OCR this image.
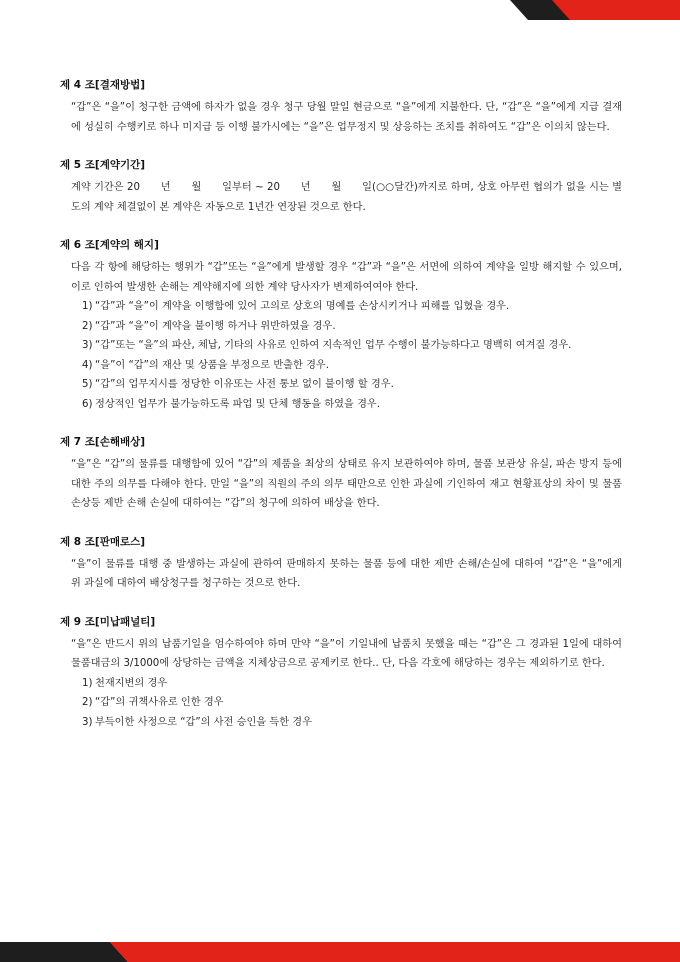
제 4 조[결재방법]

“갑”은 “을”이 청구한 금액에 하자가 없을 경우 청구 당월 말일 현금으로 “을”에게 지불한다. 단, “갑”은 “을”에게 지급 결재에 성실히 수행키로 하나 미지급 등 이행 불가시에는 “을”은 업무정지 및 상응하는 조치를 취하여도 “갑”은 이의치 않는다.

제 5 조[계약기간]

계약 기간은 20　　년　　월　　일부터 ~ 20　　년　　월　　일(○○달간)까지로 하며, 상호 아무런 협의가 없을 시는 별도의 계약 체결없이 본 계약은 자동으로 1년간 연장된 것으로 한다.

제 6 조[계약의 해지]

다음 각 항에 해당하는 행위가 “갑”또는 “을”에게 발생할 경우 “갑”과 “을”은 서면에 의하여 계약을 일방 해지할 수 있으며, 이로 인하여 발생한 손해는 계약해지에 의한 계약 당사자가 변제하여여야 한다.

1) “갑”과 “을”이 계약을 이행함에 있어 고의로 상호의 명예를 손상시키거나 피해를 입혔을 경우.
2) “갑”과 “을”이 계약을 불이행 하거나 위반하였을 경우.
3) “갑”또는 “을”의 파산, 체납, 기타의 사유로 인하여 지속적인 업무 수행이 불가능하다고 명백히 여겨질 경우.
4) “을”이 “갑”의 재산 및 상품을 부정으로 반출한 경우.
5) “갑”의 업무지시를 정당한 이유또는 사전 통보 없이 불이행 할 경우.
6) 정상적인 업무가 불가능하도록 파업 및 단체 행동을 하였을 경우.
제 7 조[손해배상]

“을”은 “갑”의 물류를 대행함에 있어 “갑”의 제품을 최상의 상태로 유지 보관하여야 하며, 물품 보관상 유실, 파손 방지 등에 대한 주의 의무를 다해야 한다. 만일 “을”의 직원의 주의 의무 태만으로 인한 과실에 기인하여 재고 현황표상의 차이 및 물품 손상등 제반 손해 손실에 대하여는 “갑”의 청구에 의하여 배상을 한다.

제 8 조[판매로스]

“을”이 물류를 대행 중 발생하는 과실에 관하여 판매하지 못하는 물품 등에 대한 제반 손해/손실에 대하여 “갑”은 “을”에게 위 과실에 대하여 배상청구를 청구하는 것으로 한다.

제 9 조[미납패널티]

“을”은 반드시 위의 납품기일을 엄수하여야 하며 만약 “을”이 기일내에 납품치 못했을 때는 “갑”은 그 경과된 1일에 대하여 물품대금의 3/1000에 상당하는 금액을 지체상금으로 공제키로 한다.. 단, 다음 각호에 해당하는 경우는 제외하기로 한다.

1) 천재지변의 경우
2) “갑”의 귀책사유로 인한 경우
3) 부득이한 사정으로 “갑”의 사전 승인을 득한 경우
